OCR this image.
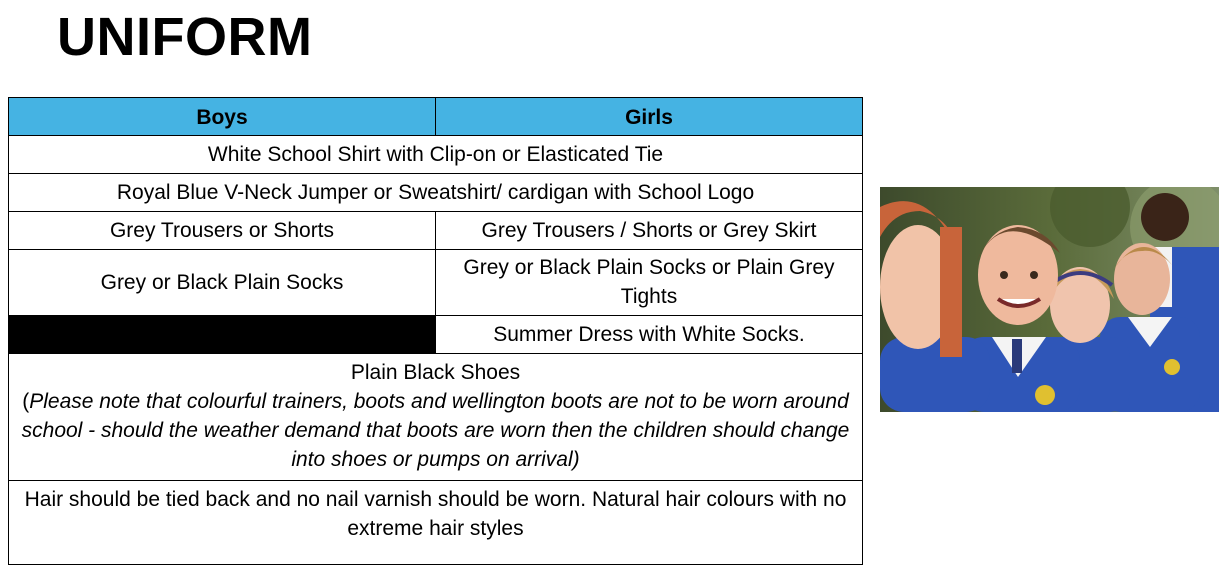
UNIFORM
Boys	Girls
White School Shirt with Clip-on or Elasticated Tie	
Royal Blue V-Neck Jumper or Sweatshirt/ cardigan with School Logo	
Grey Trousers or Shorts	Grey Trousers / Shorts or Grey Skirt
Grey or Black Plain Socks	Grey or Black Plain Socks or Plain Grey Tights
	Summer Dress with White Socks.

Plain Black Shoes
(Please note that colourful trainers, boots and wellington boots are not to be worn around school - should the weather demand that boots are worn then the children should change into shoes or pumps on arrival)	

Hair should be tied back and no nail varnish should be worn. Natural hair colours with no extreme hair styles	
